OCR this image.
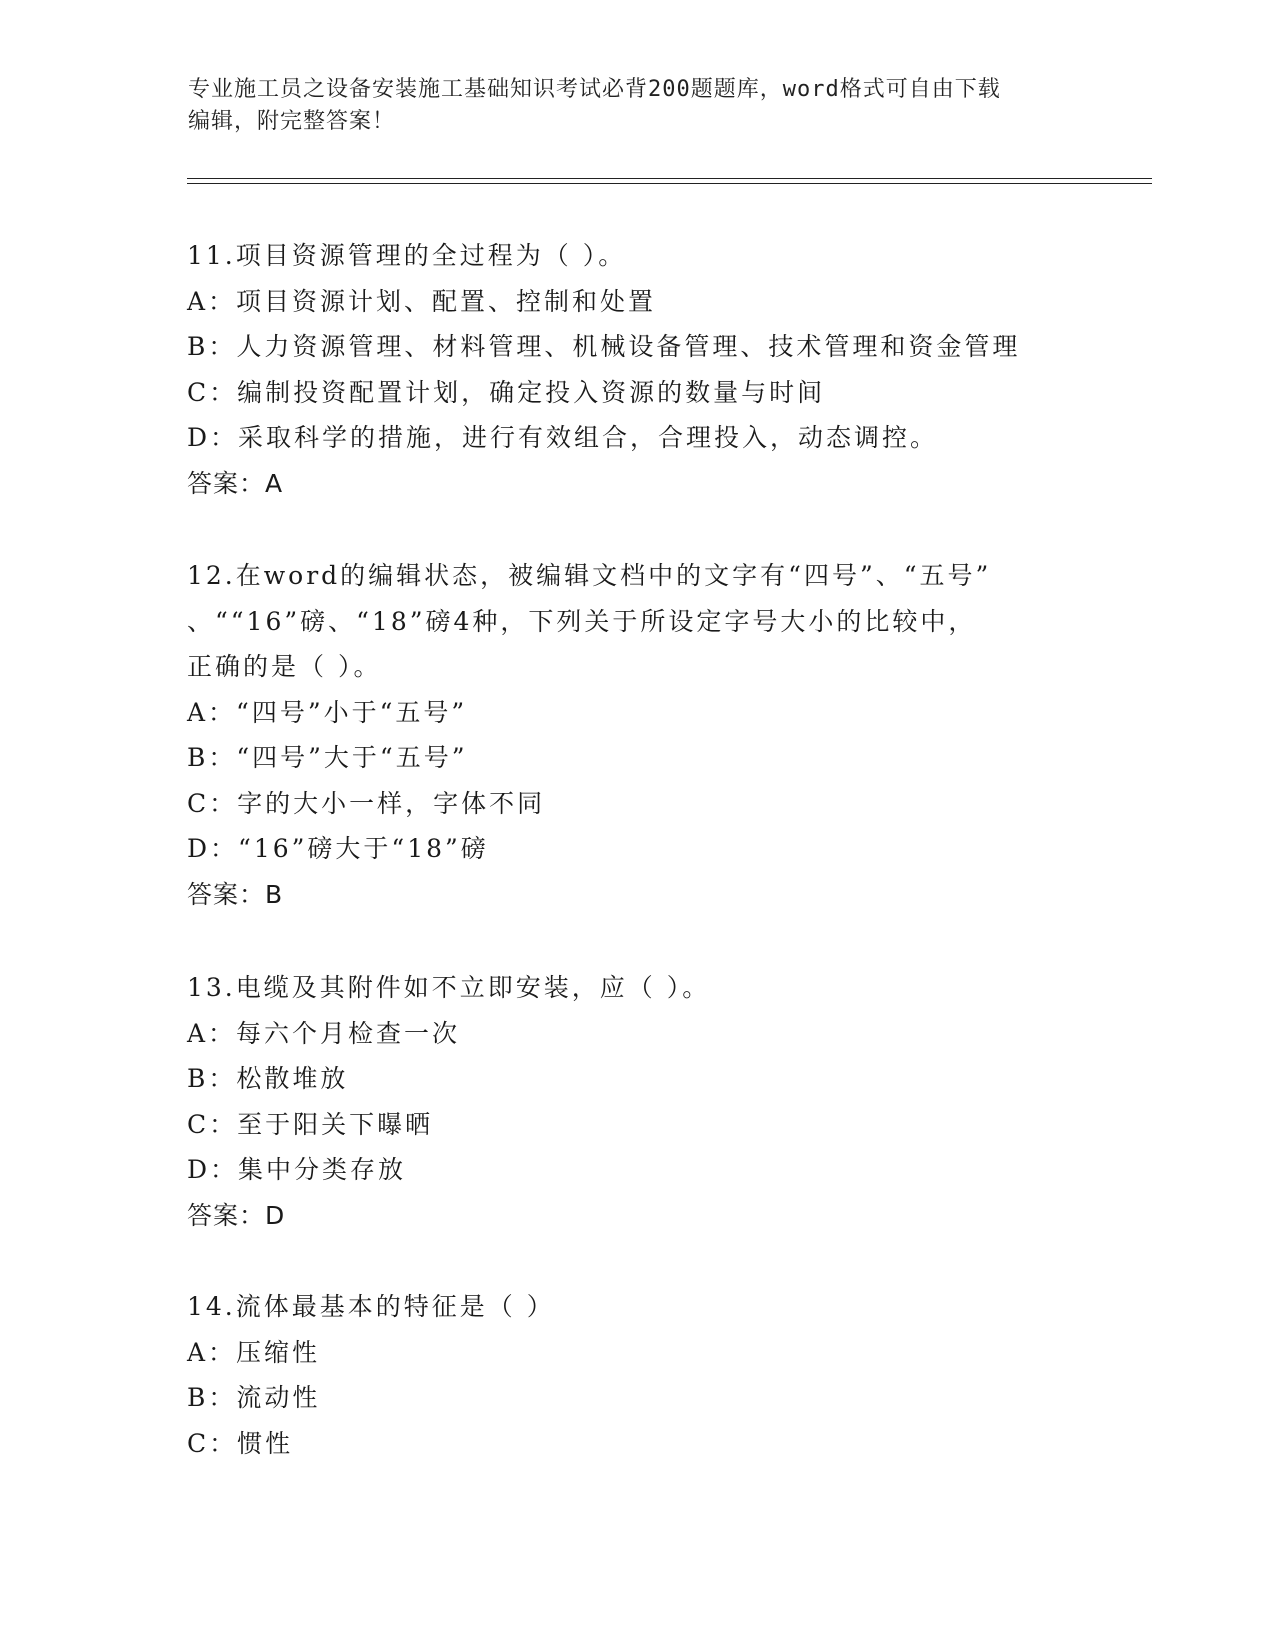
专业施工员之设备安装施工基础知识考试必背200题题库，word格式可自由下载
编辑，附完整答案！
11.项目资源管理的全过程为（ ）。
A：项目资源计划、配置、控制和处置
B：人力资源管理、材料管理、机械设备管理、技术管理和资金管理
C：编制投资配置计划，确定投入资源的数量与时间
D：采取科学的措施，进行有效组合，合理投入，动态调控。
答案：A
12.在word的编辑状态，被编辑文档中的文字有“四号”、“五号”
、““16”磅、“18”磅4种，下列关于所设定字号大小的比较中，
正确的是（ ）。
A：“四号”小于“五号”
B：“四号”大于“五号”
C：字的大小一样，字体不同
D：“16”磅大于“18”磅
答案：B
13.电缆及其附件如不立即安装，应（ ）。
A：每六个月检查一次
B：松散堆放
C：至于阳关下曝晒
D：集中分类存放
答案：D
14.流体最基本的特征是（ ）
A：压缩性
B：流动性
C：惯性
